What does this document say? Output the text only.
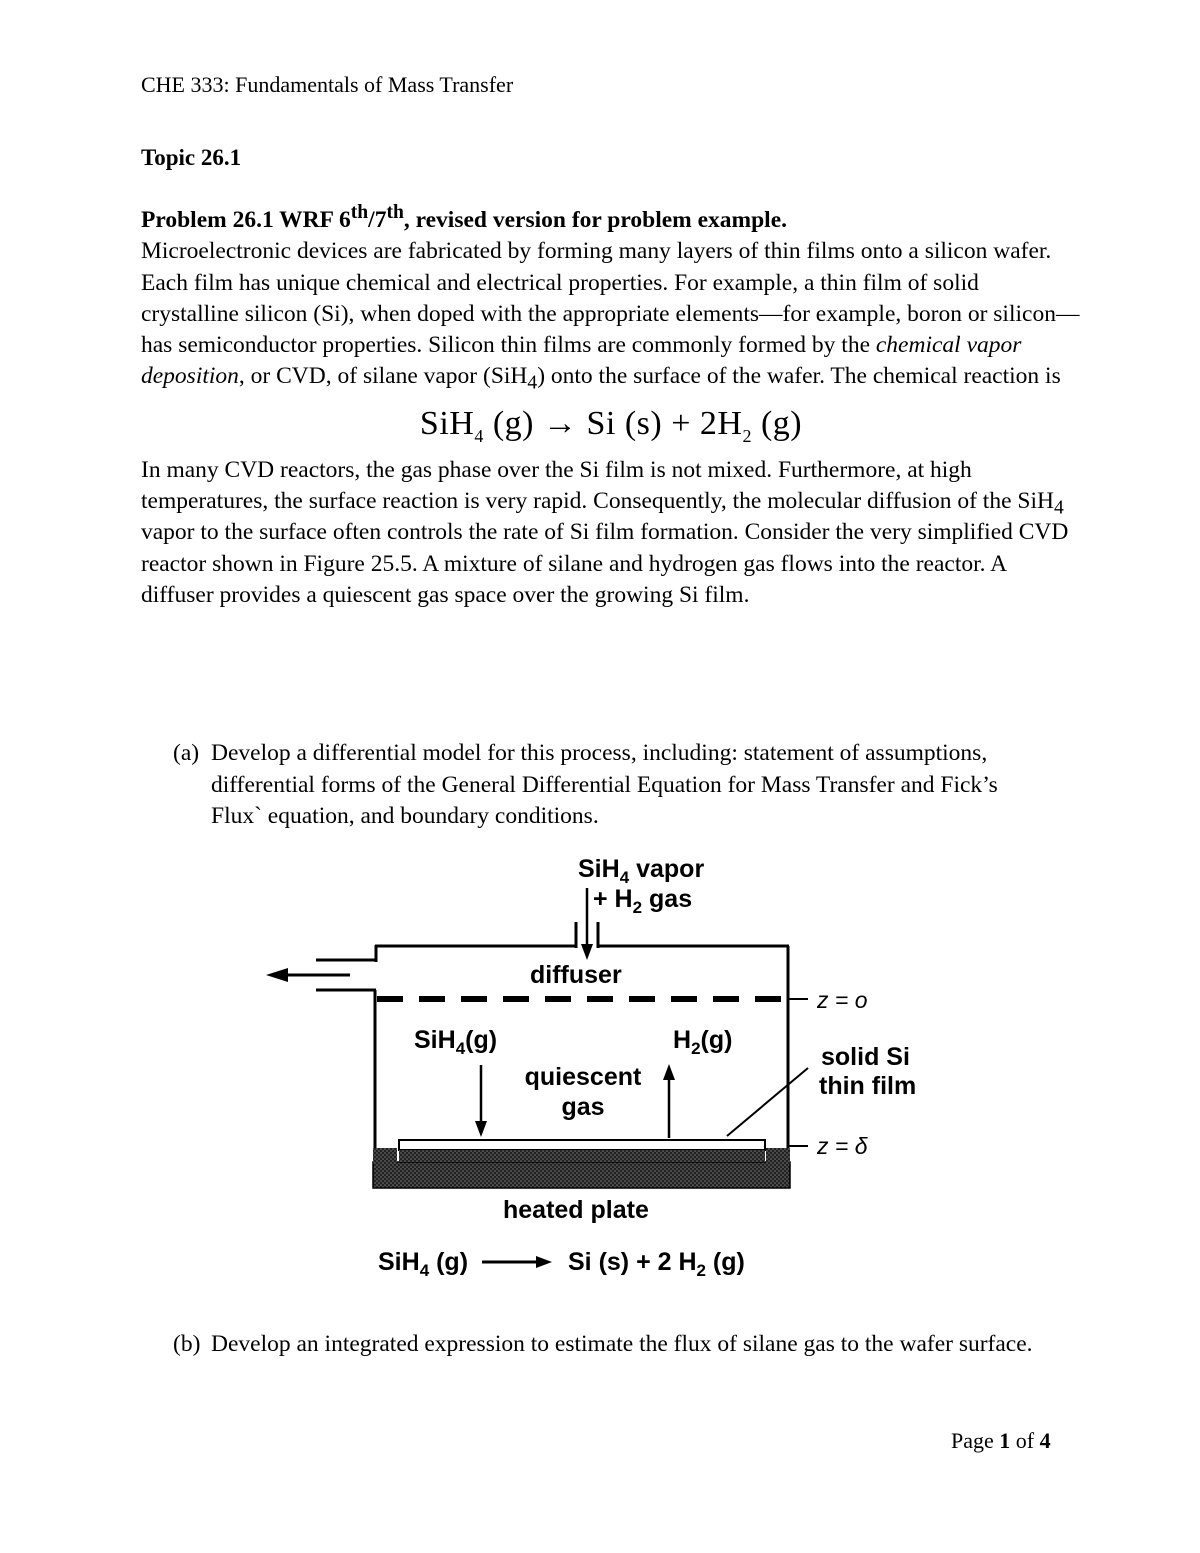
CHE 333: Fundamentals of Mass Transfer
Topic 26.1

Problem 26.1 WRF 6th/7th, revised version for problem example.
Microelectronic devices are fabricated by forming many layers of thin films onto a silicon wafer. Each film has unique chemical and electrical properties. For example, a thin film of solid crystalline silicon (Si), when doped with the appropriate elements—for example, boron or silicon—has semiconductor properties. Silicon thin films are commonly formed by the chemical vapor deposition, or CVD, of silane vapor (SiH$_4$) onto the surface of the wafer. The chemical reaction is

SiH$_4$ (g) → Si $(s) + 2H_2$ (g)

In many CVD reactors, the gas phase over the Si film is not mixed. Furthermore, at high temperatures, the surface reaction is very rapid. Consequently, the molecular diffusion of the SiH$_4$ vapor to the surface often controls the rate of Si film formation. Consider the very simplified CVD reactor shown in Figure 25.5. A mixture of silane and hydrogen gas flows into the reactor. A diffuser provides a quiescent gas space over the growing Si film.

(a) Develop a differential model for this process, including: statement of assumptions, differential forms of the General Differential Equation for Mass Transfer and Fick’s Flux` equation, and boundary conditions.
SiH$_4$ vapor
+ $H_2$ gas
diffuser
SiH$_4$(g)	$H_2(g)$
quiescent
gas
solid Si
thin film
heated plate
SiH$_4$ (g)	Si (s) + 2 $H_2$ (g)
z = o
z = δ
(b) Develop an integrated expression to estimate the flux of silane gas to the wafer surface.
Page 1 of 4
